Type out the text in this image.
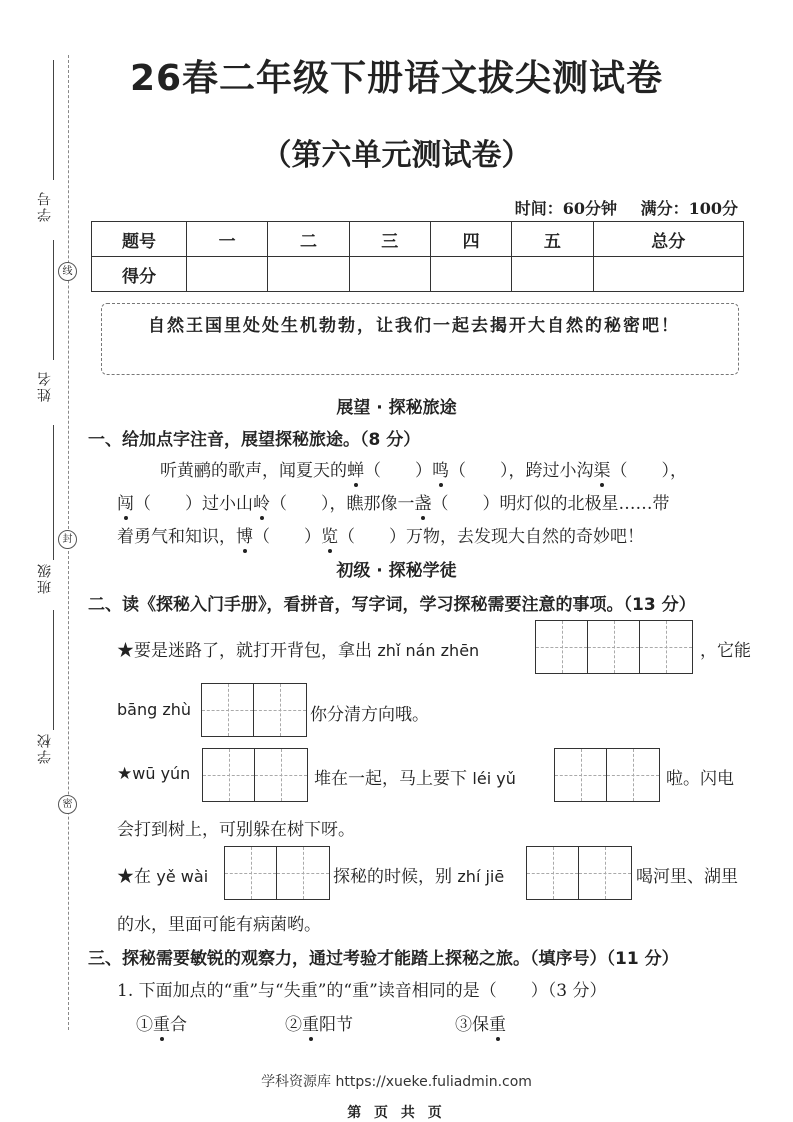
学号
线
姓名
封
班级
学校
密
26春二年级下册语文拔尖测试卷
（第六单元测试卷）
时间：60分钟 满分：100分
题号	一	二	三	四	五	总分
得分						

自然王国里处处生机勃勃，让我们一起去揭开大自然的秘密吧！

展望 · 探秘旅途
一、给加点字注音，展望探秘旅途。（8 分）
听黄鹂的歌声，闻夏天的蝉（　　）鸣（　　），跨过小沟渠（　　），
闯（　　）过小山岭（　　），瞧那像一盏（　　）明灯似的北极星……带
着勇气和知识，博（　　）览（　　）万物，去发现大自然的奇妙吧！
初级 · 探秘学徒
二、读《探秘入门手册》，看拼音，写字词，学习探秘需要注意的事项。（13 分）
★要是迷路了，就打开背包，拿出 zhǐ nán zhēn	，它能
bāng zhù	你分清方向哦。
★wū yún	堆在一起，马上要下 léi yǔ	啦。闪电
会打到树上，可别躲在树下呀。
★在 yě wài	探秘的时候，别 zhí jiē	喝河里、湖里
的水，里面可能有病菌哟。
三、探秘需要敏锐的观察力，通过考验才能踏上探秘之旅。（填序号）（11 分）
1. 下面加点的“重”与“失重”的“重”读音相同的是（　　）（3 分）
①重合	②重阳节	③保重
学科资源库 https://xueke.fuliadmin.com
第 页 共 页
